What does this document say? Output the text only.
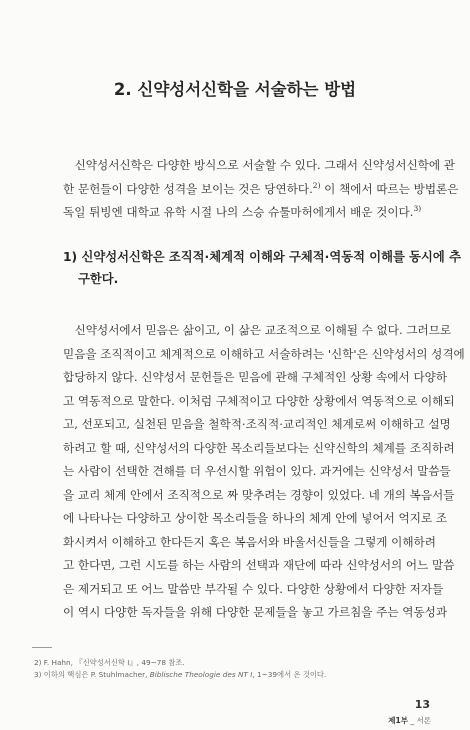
2. 신약성서신학을 서술하는 방법

　신약성서신학은 다양한 방식으로 서술할 수 있다. 그래서 신약성서신학에 관
한 문헌들이 다양한 성격을 보이는 것은 당연하다.$^{2)}$ 이 책에서 따르는 방법론은
독일 튀빙엔 대학교 유학 시절 나의 스승 슈툴마허에게서 배운 것이다.$^{3)}$

1) 신약성서신학은 조직적·체계적 이해와 구체적·역동적 이해를 동시에 추
구한다.

　신약성서에서 믿음은 삶이고, 이 삶은 교조적으로 이해될 수 없다. 그러므로
믿음을 조직적이고 체계적으로 이해하고 서술하려는 '신학'은 신약성서의 성격에
합당하지 않다. 신약성서 문헌들은 믿음에 관해 구체적인 상황 속에서 다양하
고 역동적으로 말한다. 이처럼 구체적이고 다양한 상황에서 역동적으로 이해되
고, 선포되고, 실천된 믿음을 철학적·조직적·교리적인 체계로써 이해하고 설명
하려고 할 때, 신약성서의 다양한 목소리들보다는 신약신학의 체계를 조직하려
는 사람이 선택한 견해를 더 우선시할 위험이 있다. 과거에는 신약성서 말씀들
을 교리 체계 안에서 조직적으로 짜 맞추려는 경향이 있었다. 네 개의 복음서들
에 나타나는 다양하고 상이한 목소리들을 하나의 체계 안에 넣어서 억지로 조
화시켜서 이해하고 한다든지 혹은 복음서와 바울서신들을 그렇게 이해하려
고 한다면, 그런 시도를 하는 사람의 선택과 재단에 따라 신약성서의 어느 말씀
은 제거되고 또 어느 말씀만 부각될 수 있다. 다양한 상황에서 다양한 저자들
이 역시 다양한 독자들을 위해 다양한 문제들을 놓고 가르침을 주는 역동성과

2) F. Hahn, 『신약성서신학 I』, 49~78 참조.
3) 이하의 핵심은 P. Stuhlmacher, Biblische Theologie des NT I, 1~39에서 온 것이다.

13

제1부 _ 서론
